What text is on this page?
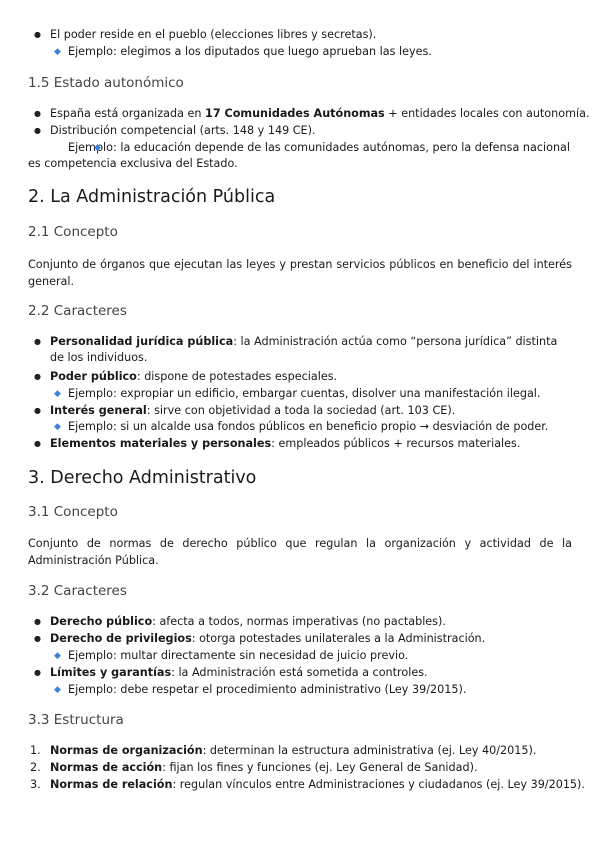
● El poder reside en el pueblo (elecciones libres y secretas).
◆ Ejemplo: elegimos a los diputados que luego aprueban las leyes.
1.5 Estado autonómico
● España está organizada en 17 Comunidades Autónomas + entidades locales con autonomía.
● Distribución competencial (arts. 148 y 149 CE).
◆ Ejemplo: la educación depende de las comunidades autónomas, pero la defensa nacional es competencia exclusiva del Estado.
2. La Administración Pública
2.1 Concepto
Conjunto de órganos que ejecutan las leyes y prestan servicios públicos en beneficio del interés general.
2.2 Caracteres
● Personalidad jurídica pública: la Administración actúa como “persona jurídica” distinta de los individuos.
● Poder público: dispone de potestades especiales.
◆ Ejemplo: expropiar un edificio, embargar cuentas, disolver una manifestación ilegal.
● Interés general: sirve con objetividad a toda la sociedad (art. 103 CE).
◆ Ejemplo: si un alcalde usa fondos públicos en beneficio propio → desviación de poder.
● Elementos materiales y personales: empleados públicos + recursos materiales.
3. Derecho Administrativo
3.1 Concepto
Conjunto de normas de derecho público que regulan la organización y actividad de la Administración Pública.
3.2 Caracteres
● Derecho público: afecta a todos, normas imperativas (no pactables).
● Derecho de privilegios: otorga potestades unilaterales a la Administración.
◆ Ejemplo: multar directamente sin necesidad de juicio previo.
● Límites y garantías: la Administración está sometida a controles.
◆ Ejemplo: debe respetar el procedimiento administrativo (Ley 39/2015).
3.3 Estructura
1. Normas de organización: determinan la estructura administrativa (ej. Ley 40/2015).
2. Normas de acción: fijan los fines y funciones (ej. Ley General de Sanidad).
3. Normas de relación: regulan vínculos entre Administraciones y ciudadanos (ej. Ley 39/2015).
